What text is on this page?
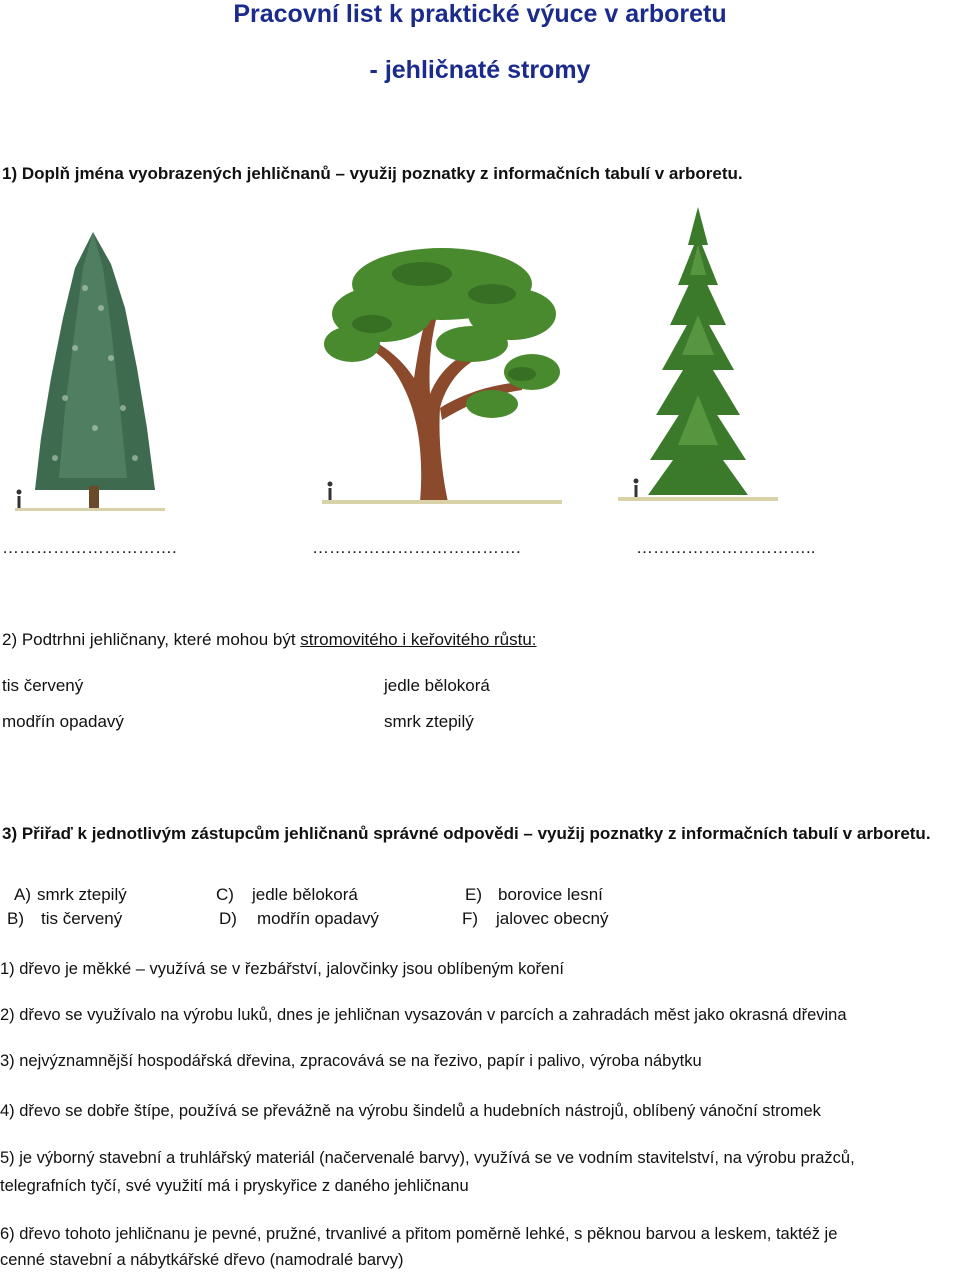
Pracovní list k praktické výuce v arboretu
- jehličnaté stromy
1) Doplň jména vyobrazených jehličnanů – využij poznatky z informačních tabulí v arboretu.
………………………….	……………………………….	…………………………..
2) Podtrhni jehličnany, které mohou být stromovitého i keřovitého růstu:
tis červený	jedle bělokorá
modřín opadavý	smrk ztepilý
3) Přiřaď k jednotlivým zástupcům jehličnanů správné odpovědi – využij poznatky z informačních tabulí v arboretu.
A) smrk ztepilý	C) jedle bělokorá	E) borovice lesní
B) tis červený	D) modřín opadavý	F) jalovec obecný
1) dřevo je měkké – využívá se v řezbářství, jalovčinky jsou oblíbeným koření
2) dřevo se využívalo na výrobu luků, dnes je jehličnan vysazován v parcích a zahradách měst jako okrasná dřevina
3) nejvýznamnější hospodářská dřevina, zpracovává se na řezivo, papír i palivo, výroba nábytku
4) dřevo se dobře štípe, používá se převážně na výrobu šindelů a hudebních nástrojů, oblíbený vánoční stromek
5) je výborný stavební a truhlářský materiál (načervenalé barvy), využívá se ve vodním stavitelství, na výrobu pražců,
telegrafních tyčí, své využití má i pryskyřice z daného jehličnanu
6) dřevo tohoto jehličnanu je pevné, pružné, trvanlivé a přitom poměrně lehké, s pěknou barvou a leskem, taktéž je
cenné stavební a nábytkářské dřevo (namodralé barvy)
